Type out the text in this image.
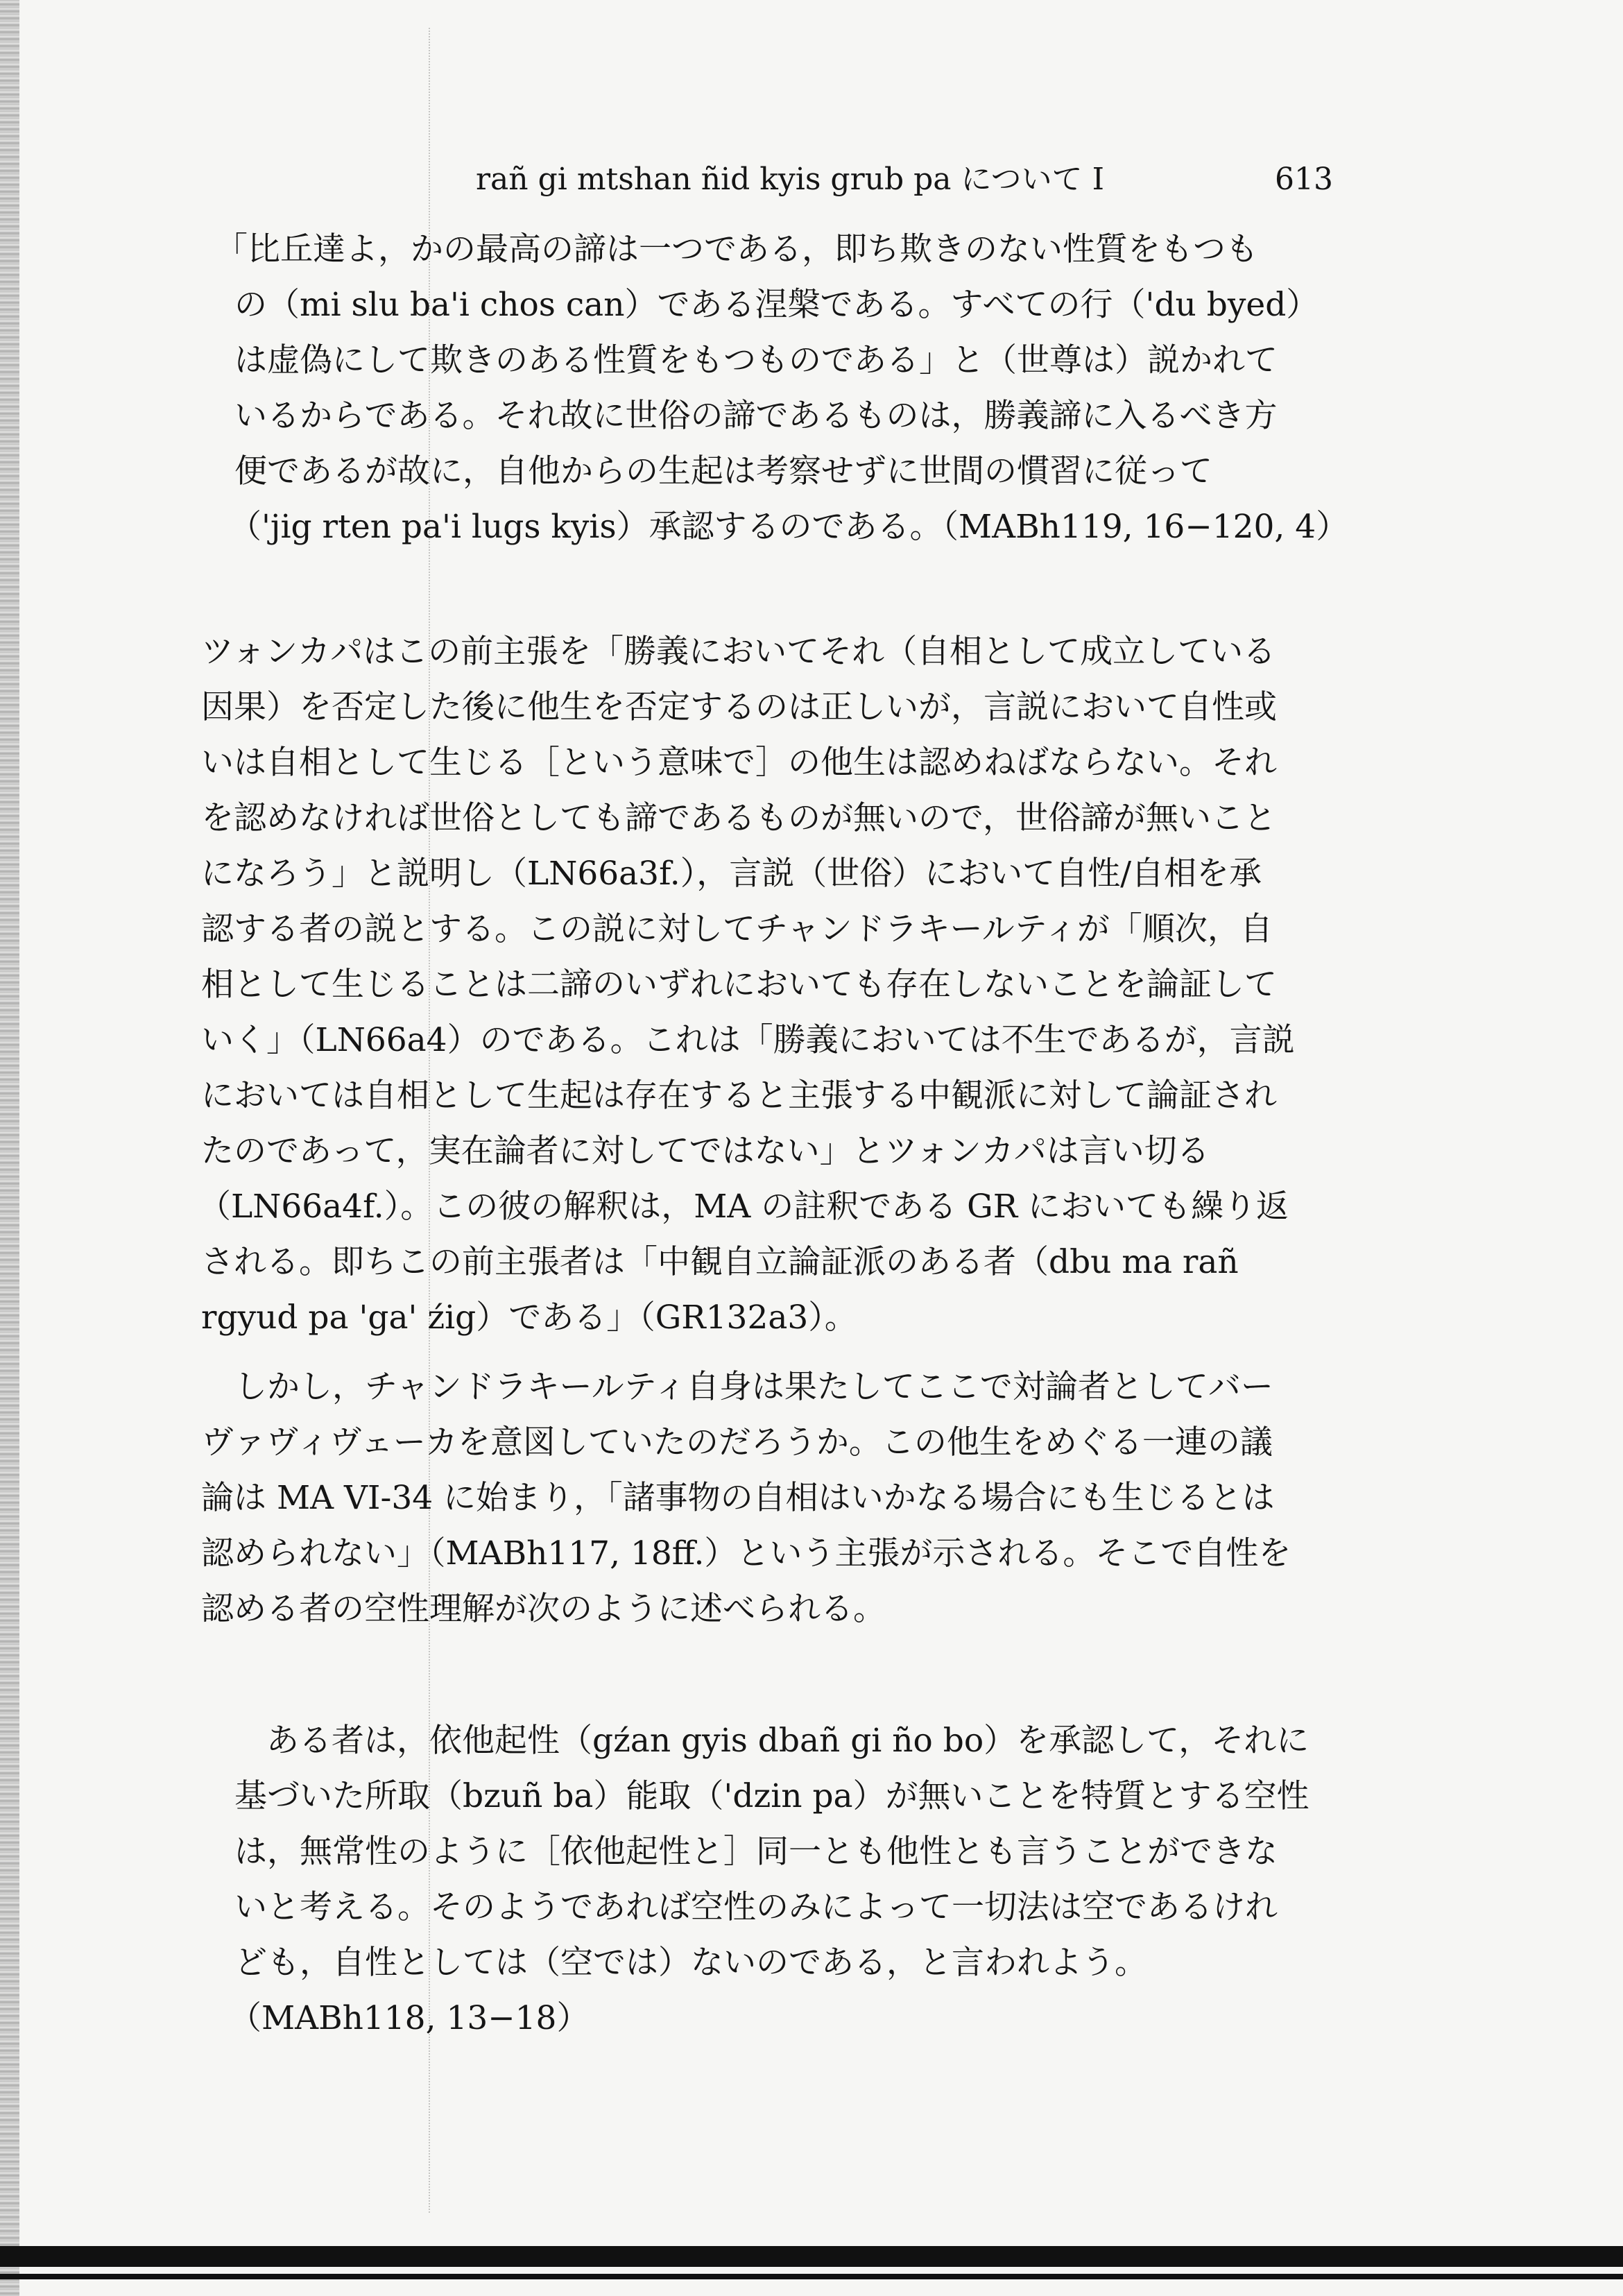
rañ gi mtshan ñid kyis grub pa について Ⅰ	613
「比丘達よ，かの最高の諦は一つである，即ち欺きのない性質をもつも
の（mi slu ba'i chos can）である涅槃である。すべての行（'du byed）
は虚偽にして欺きのある性質をもつものである」と（世尊は）説かれて
いるからである。それ故に世俗の諦であるものは，勝義諦に入るべき方
便であるが故に，自他からの生起は考察せずに世間の慣習に従って
（'jig rten pa'i lugs kyis）承認するのである。（MABh119, 16−120, 4）
ツォンカパはこの前主張を「勝義においてそれ（自相として成立している
因果）を否定した後に他生を否定するのは正しいが，言説において自性或
いは自相として生じる［という意味で］の他生は認めねばならない。それ
を認めなければ世俗としても諦であるものが無いので，世俗諦が無いこと
になろう」と説明し（LN66a3f.），言説（世俗）において自性/自相を承
認する者の説とする。この説に対してチャンドラキールティが「順次，自
相として生じることは二諦のいずれにおいても存在しないことを論証して
いく」（LN66a4）のである。これは「勝義においては不生であるが，言説
においては自相として生起は存在すると主張する中観派に対して論証され
たのであって，実在論者に対してではない」とツォンカパは言い切る
（LN66a4f.）。この彼の解釈は，MA の註釈である GR においても繰り返
される。即ちこの前主張者は「中観自立論証派のある者（dbu ma rañ
rgyud pa 'ga' źig）である」（GR132a3）。
しかし，チャンドラキールティ自身は果たしてここで対論者としてバー
ヴァヴィヴェーカを意図していたのだろうか。この他生をめぐる一連の議
論は MA VI-34 に始まり，「諸事物の自相はいかなる場合にも生じるとは
認められない」（MABh117, 18ff.）という主張が示される。そこで自性を
認める者の空性理解が次のように述べられる。
ある者は，依他起性（gźan gyis dbañ gi ño bo）を承認して，それに
基づいた所取（bzuñ ba）能取（'dzin pa）が無いことを特質とする空性
は，無常性のように［依他起性と］同一とも他性とも言うことができな
いと考える。そのようであれば空性のみによって一切法は空であるけれ
ども，自性としては（空では）ないのである，と言われよう。
（MABh118, 13−18）
